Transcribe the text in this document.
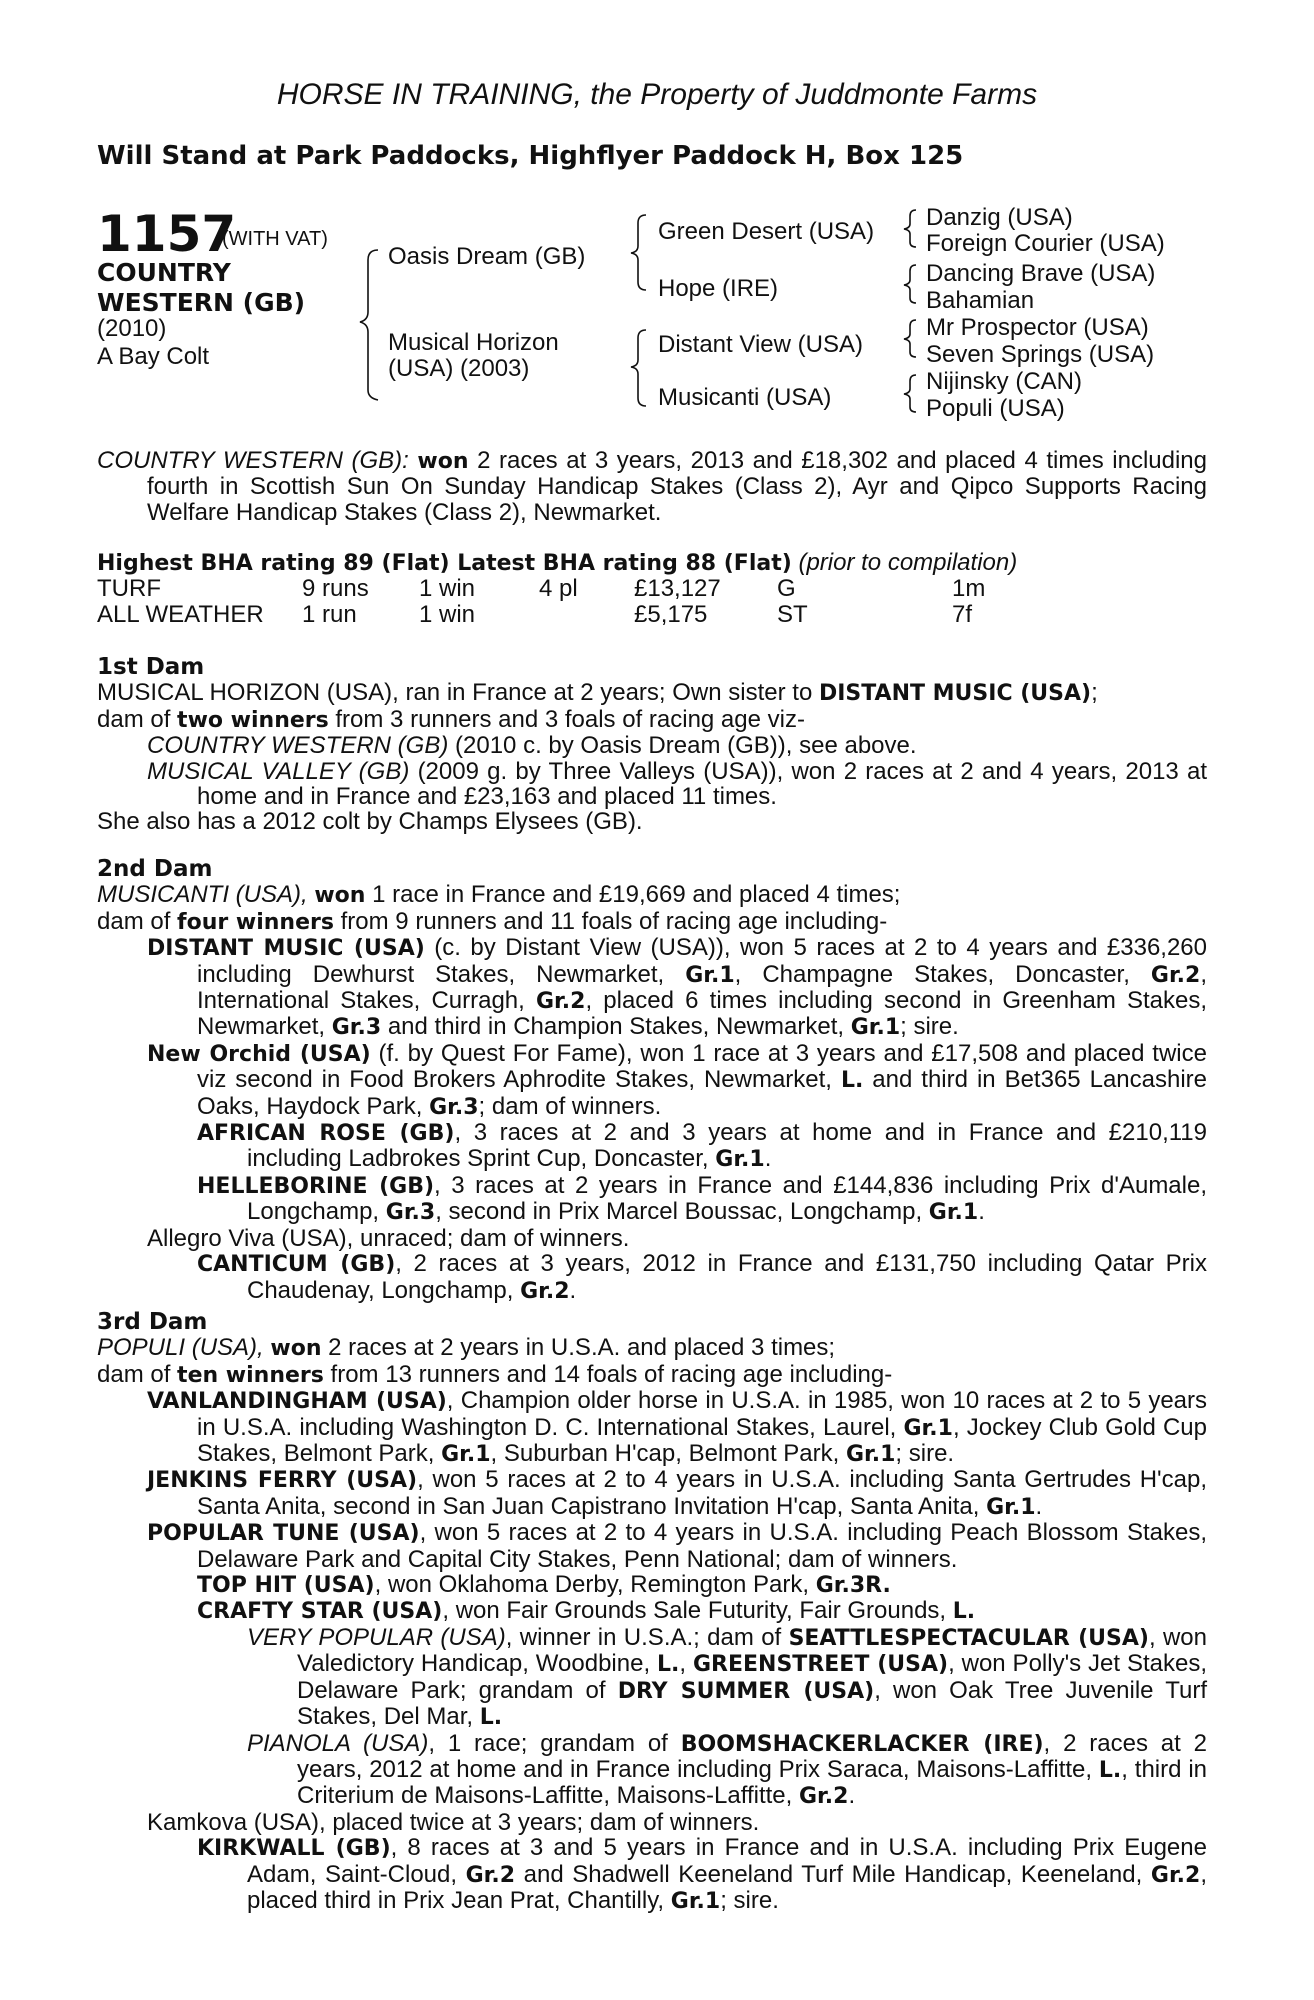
HORSE IN TRAINING, the Property of Juddmonte Farms
Will Stand at Park Paddocks, Highflyer Paddock H, Box 125
1157
(WITH VAT)
COUNTRY WESTERN (GB)
(2010)
A Bay Colt
Oasis Dream (GB)
Musical Horizon (USA) (2003)
Green Desert (USA)
Hope (IRE)
Distant View (USA)
Musicanti (USA)
Danzig (USA)
Foreign Courier (USA)
Dancing Brave (USA)
Bahamian
Mr Prospector (USA)
Seven Springs (USA)
Nijinsky (CAN)
Populi (USA)

COUNTRY WESTERN (GB): won 2 races at 3 years, 2013 and £18,302 and placed 4 times including fourth in Scottish Sun On Sunday Handicap Stakes (Class 2), Ayr and Qipco Supports Racing Welfare Handicap Stakes (Class 2), Newmarket.

Highest BHA rating 89 (Flat) Latest BHA rating 88 (Flat) (prior to compilation)

TURF	9 runs	1 win	4 pl	£13,127	G	1m
ALL WEATHER	1 run	1 win		£5,175	ST	7f

1st Dam

MUSICAL HORIZON (USA), ran in France at 2 years; Own sister to DISTANT MUSIC (USA);

dam of two winners from 3 runners and 3 foals of racing age viz-

COUNTRY WESTERN (GB) (2010 c. by Oasis Dream (GB)), see above.

MUSICAL VALLEY (GB) (2009 g. by Three Valleys (USA)), won 2 races at 2 and 4 years, 2013 at home and in France and £23,163 and placed 11 times.

She also has a 2012 colt by Champs Elysees (GB).

2nd Dam

MUSICANTI (USA), won 1 race in France and £19,669 and placed 4 times;

dam of four winners from 9 runners and 11 foals of racing age including-

DISTANT MUSIC (USA) (c. by Distant View (USA)), won 5 races at 2 to 4 years and £336,260 including Dewhurst Stakes, Newmarket, Gr.1, Champagne Stakes, Doncaster, Gr.2, International Stakes, Curragh, Gr.2, placed 6 times including second in Greenham Stakes, Newmarket, Gr.3 and third in Champion Stakes, Newmarket, Gr.1; sire.

New Orchid (USA) (f. by Quest For Fame), won 1 race at 3 years and £17,508 and placed twice viz second in Food Brokers Aphrodite Stakes, Newmarket, L. and third in Bet365 Lancashire Oaks, Haydock Park, Gr.3; dam of winners.

AFRICAN ROSE (GB), 3 races at 2 and 3 years at home and in France and £210,119 including Ladbrokes Sprint Cup, Doncaster, Gr.1.

HELLEBORINE (GB), 3 races at 2 years in France and £144,836 including Prix d'Aumale, Longchamp, Gr.3, second in Prix Marcel Boussac, Longchamp, Gr.1.

Allegro Viva (USA), unraced; dam of winners.

CANTICUM (GB), 2 races at 3 years, 2012 in France and £131,750 including Qatar Prix Chaudenay, Longchamp, Gr.2.

3rd Dam

POPULI (USA), won 2 races at 2 years in U.S.A. and placed 3 times;

dam of ten winners from 13 runners and 14 foals of racing age including-

VANLANDINGHAM (USA), Champion older horse in U.S.A. in 1985, won 10 races at 2 to 5 years in U.S.A. including Washington D. C. International Stakes, Laurel, Gr.1, Jockey Club Gold Cup Stakes, Belmont Park, Gr.1, Suburban H'cap, Belmont Park, Gr.1; sire.

JENKINS FERRY (USA), won 5 races at 2 to 4 years in U.S.A. including Santa Gertrudes H'cap, Santa Anita, second in San Juan Capistrano Invitation H'cap, Santa Anita, Gr.1.

POPULAR TUNE (USA), won 5 races at 2 to 4 years in U.S.A. including Peach Blossom Stakes, Delaware Park and Capital City Stakes, Penn National; dam of winners.

TOP HIT (USA), won Oklahoma Derby, Remington Park, Gr.3R.

CRAFTY STAR (USA), won Fair Grounds Sale Futurity, Fair Grounds, L.

VERY POPULAR (USA), winner in U.S.A.; dam of SEATTLESPECTACULAR (USA), won Valedictory Handicap, Woodbine, L., GREENSTREET (USA), won Polly's Jet Stakes, Delaware Park; grandam of DRY SUMMER (USA), won Oak Tree Juvenile Turf Stakes, Del Mar, L.

PIANOLA (USA), 1 race; grandam of BOOMSHACKERLACKER (IRE), 2 races at 2 years, 2012 at home and in France including Prix Saraca, Maisons-Laffitte, L., third in Criterium de Maisons-Laffitte, Maisons-Laffitte, Gr.2.

Kamkova (USA), placed twice at 3 years; dam of winners.

KIRKWALL (GB), 8 races at 3 and 5 years in France and in U.S.A. including Prix Eugene Adam, Saint-Cloud, Gr.2 and Shadwell Keeneland Turf Mile Handicap, Keeneland, Gr.2, placed third in Prix Jean Prat, Chantilly, Gr.1; sire.
